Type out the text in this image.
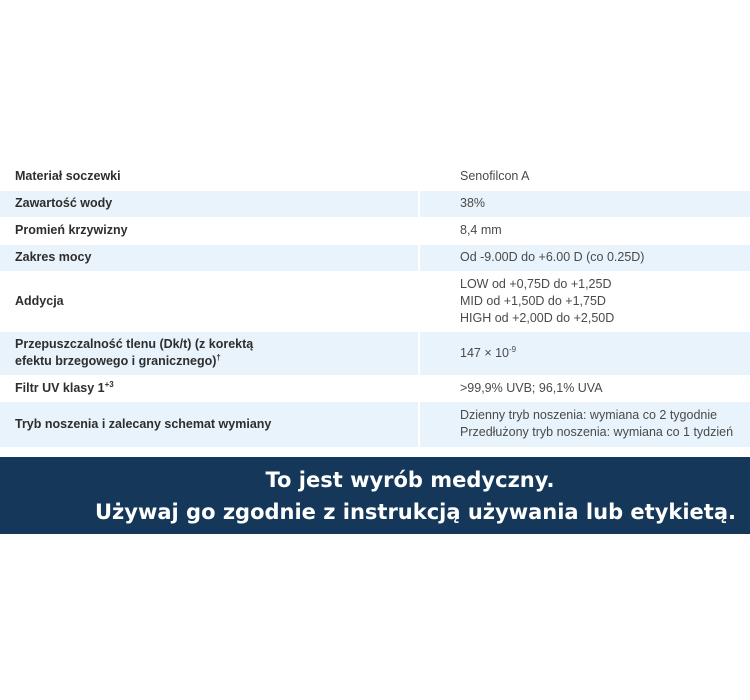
Materiał soczewki	Senofilcon A
Zawartość wody	38%
Promień krzywizny	8,4 mm
Zakres mocy	Od -9.00D do +6.00 D (co 0.25D)
Addycja	LOW od +0,75D do +1,25D
MID od +1,50D do +1,75D
HIGH od +2,00D do +2,50D

Przepuszczalność tlenu (Dk/t) (z korektą
efektu brzegowego i granicznego)†	$147 \times 10^{-9}$
Filtr UV klasy $1^{+3}$	>99,9% UVB; 96,1% UVA
Tryb noszenia i zalecany schemat wymiany	Dzienny tryb noszenia: wymiana co 2 tygodnie
Przedłużony tryb noszenia: wymiana co 1 tydzień
To jest wyrób medyczny.
Używaj go zgodnie z instrukcją używania lub etykietą.
